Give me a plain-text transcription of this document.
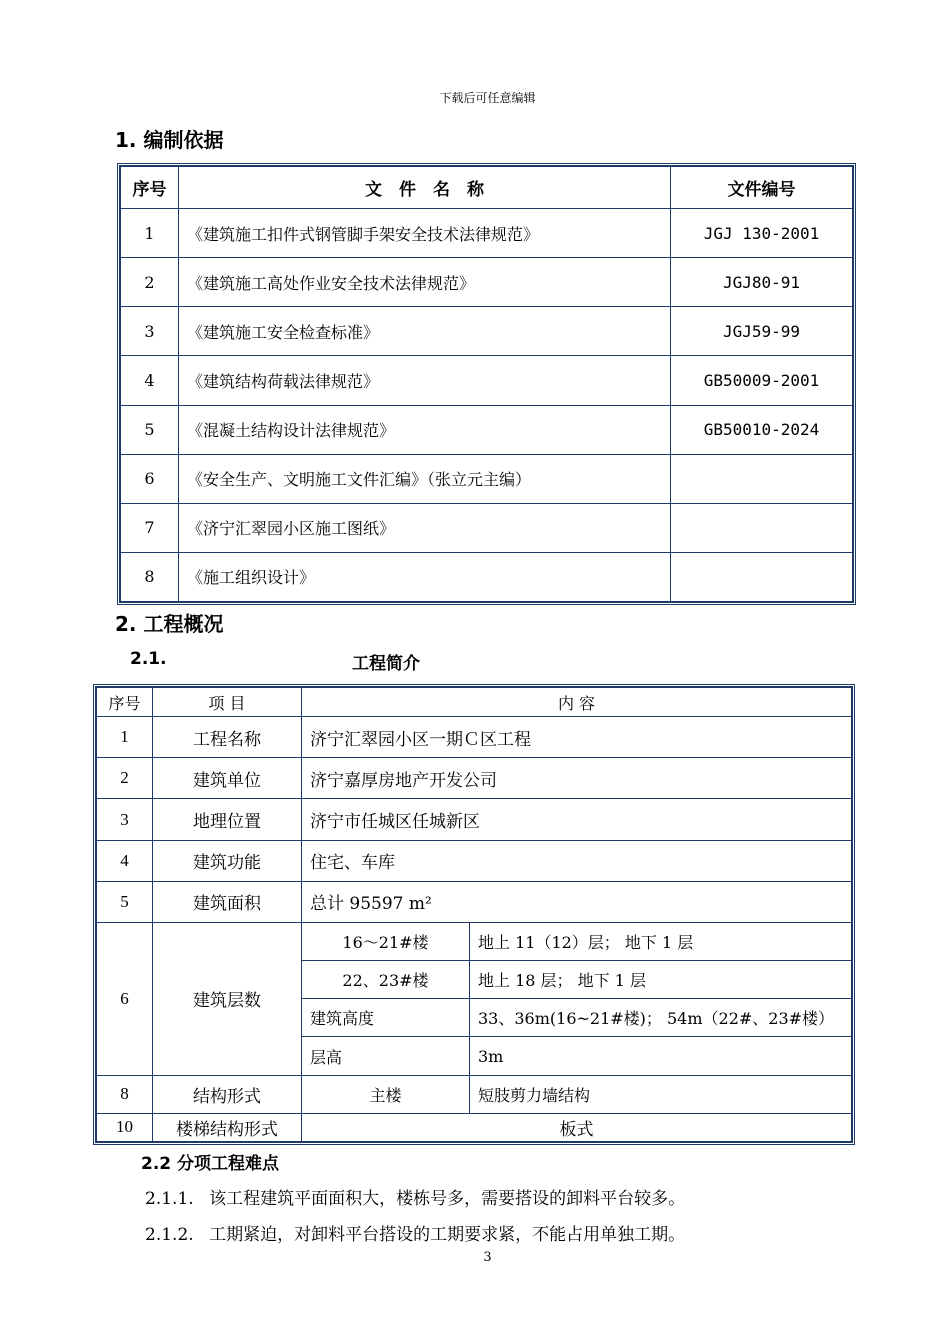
下载后可任意编辑
1. 编制依据
序号	文　件　名　称	文件编号
1	《建筑施工扣件式钢管脚手架安全技术法律规范》	JGJ 130-2001
2	《建筑施工高处作业安全技术法律规范》	JGJ80-91
3	《建筑施工安全检查标准》	JGJ59-99
4	《建筑结构荷载法律规范》	GB50009-2001
5	《混凝土结构设计法律规范》	GB50010-2024
6	《安全生产、文明施工文件汇编》（张立元主编）	
7	《济宁汇翠园小区施工图纸》	
8	《施工组织设计》	
2. 工程概况
2.1.	工程简介
序号	项 目	内 容	
1	工程名称	济宁汇翠园小区一期Ｃ区工程	
2	建筑单位	济宁嘉厚房地产开发公司	
3	地理位置	济宁市任城区任城新区	
4	建筑功能	住宅、车库	
5	建筑面积	总计 95597 m²	
6	建筑层数	16～21#楼	地上 11（12）层； 地下 1 层
		22、23#楼	地上 18 层； 地下 1 层
		建筑高度	33、36m(16~21#楼)； 54m（22#、23#楼）
		层高	3m
8	结构形式	主楼	短肢剪力墙结构
10	楼梯结构形式	板式	
2.2 分项工程难点
2.1.1. 该工程建筑平面面积大，楼栋号多，需要搭设的卸料平台较多。
2.1.2. 工期紧迫，对卸料平台搭设的工期要求紧，不能占用单独工期。
3
